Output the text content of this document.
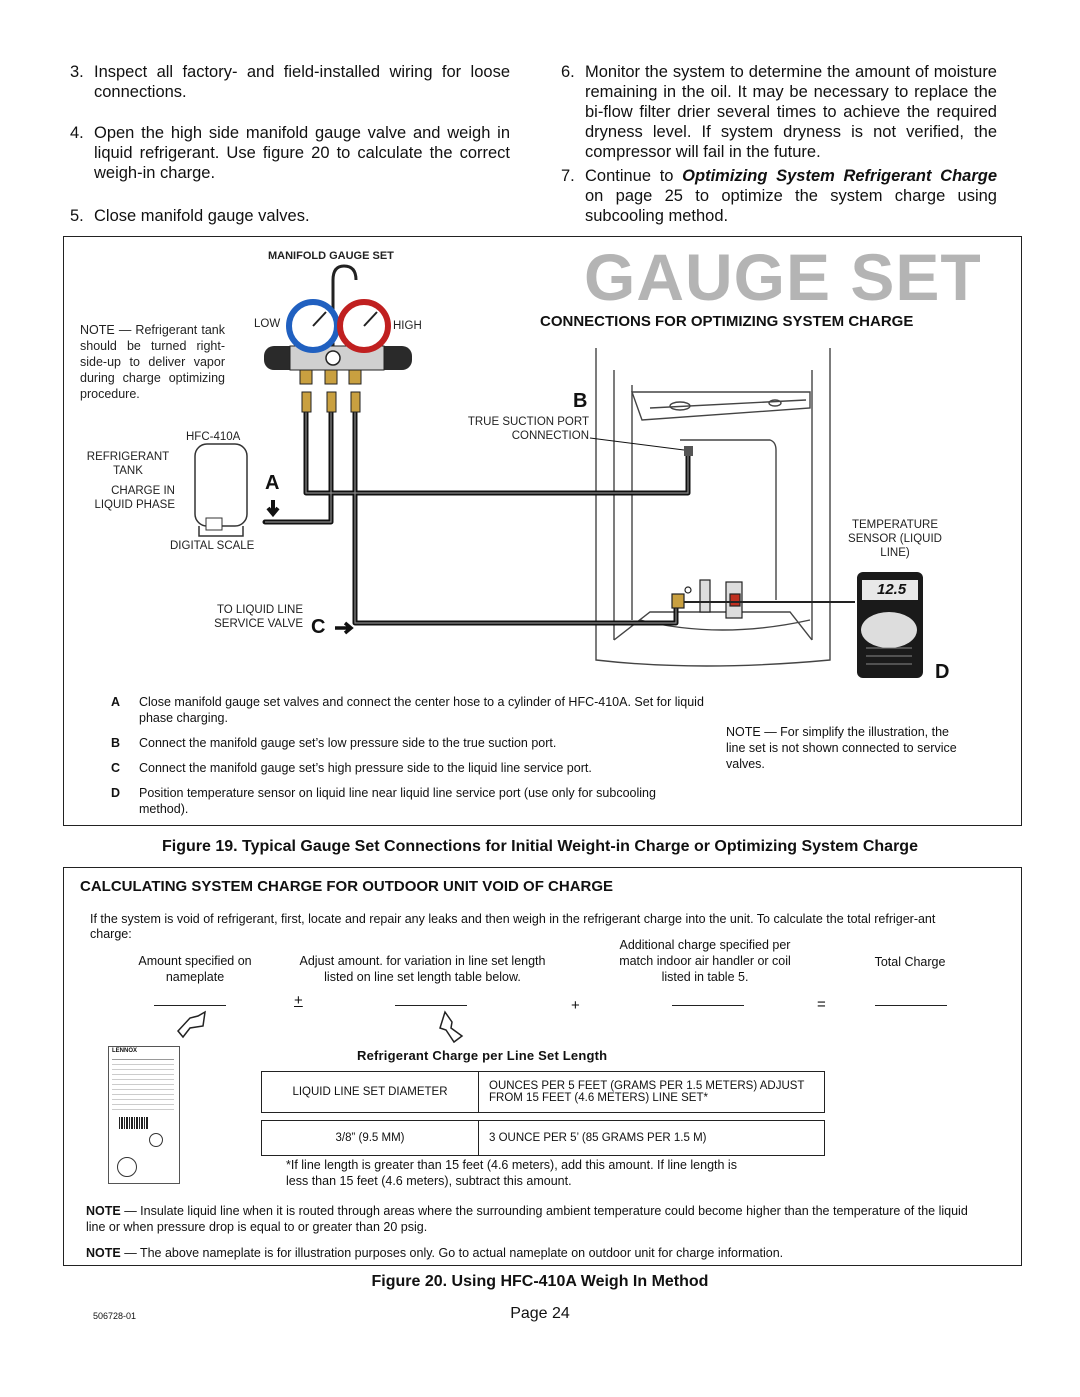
3. Inspect all factory- and field-installed wiring for loose connections.
4. Open the high side manifold gauge valve and weigh in liquid refrigerant. Use figure 20 to calculate the correct weigh-in charge.
5. Close manifold gauge valves.
6. Monitor the system to determine the amount of moisture remaining in the oil. It may be necessary to replace the bi-flow filter drier several times to achieve the required dryness level. If system dryness is not verified, the compressor will fail in the future.
7. Continue to Optimizing System Refrigerant Charge on page 25 to optimize the system charge using subcooling method.
GAUGE SET
CONNECTIONS FOR OPTIMIZING SYSTEM CHARGE
MANIFOLD GAUGE SET
NOTE — Refrigerant tank should be turned right-side-up to deliver vapor during charge optimizing procedure.
LOW	HIGH
HFC-410A
REFRIGERANT TANK
CHARGE IN LIQUID PHASE
DIGITAL SCALE
TO LIQUID LINE SERVICE VALVE
TRUE SUCTION PORT CONNECTION
TEMPERATURE SENSOR (LIQUID LINE)
A
B
C
D
12.5
A Close manifold gauge set valves and connect the center hose to a cylinder of HFC-410A. Set for liquid phase charging.
B Connect the manifold gauge set’s low pressure side to the true suction port.
C Connect the manifold gauge set’s high pressure side to the liquid line service port.
D Position temperature sensor on liquid line near liquid line service port (use only for subcooling method).
NOTE — For simplify the illustration, the line set is not shown connected to service valves.
Figure 19. Typical Gauge Set Connections for Initial Weight-in Charge or Optimizing System Charge
CALCULATING SYSTEM CHARGE FOR OUTDOOR UNIT VOID OF CHARGE
If the system is void of refrigerant, first, locate and repair any leaks and then weigh in the refrigerant charge into the unit. To calculate the total refriger-ant charge:
Amount specified on nameplate
Adjust amount. for variation in line set length listed on line set length table below.
Additional charge specified per match indoor air handler or coil listed in table 5.
Total Charge
+	+	=
LENNOX	Refrigerant Charge per Line Set Length
LIQUID LINE SET DIAMETER	OUNCES PER 5 FEET (GRAMS PER 1.5 METERS) ADJUST FROM 15 FEET (4.6 METERS) LINE SET*

3/8” (9.5 MM)	3 OUNCE PER 5’ (85 GRAMS PER 1.5 M)
*If line length is greater than 15 feet (4.6 meters), add this amount. If line length is less than 15 feet (4.6 meters), subtract this amount.
NOTE — Insulate liquid line when it is routed through areas where the surrounding ambient temperature could become higher than the temperature of the liquid line or when pressure drop is equal to or greater than 20 psig.
NOTE — The above nameplate is for illustration purposes only. Go to actual nameplate on outdoor unit for charge information.
Figure 20. Using HFC-410A Weigh In Method
506728-01	Page 24
